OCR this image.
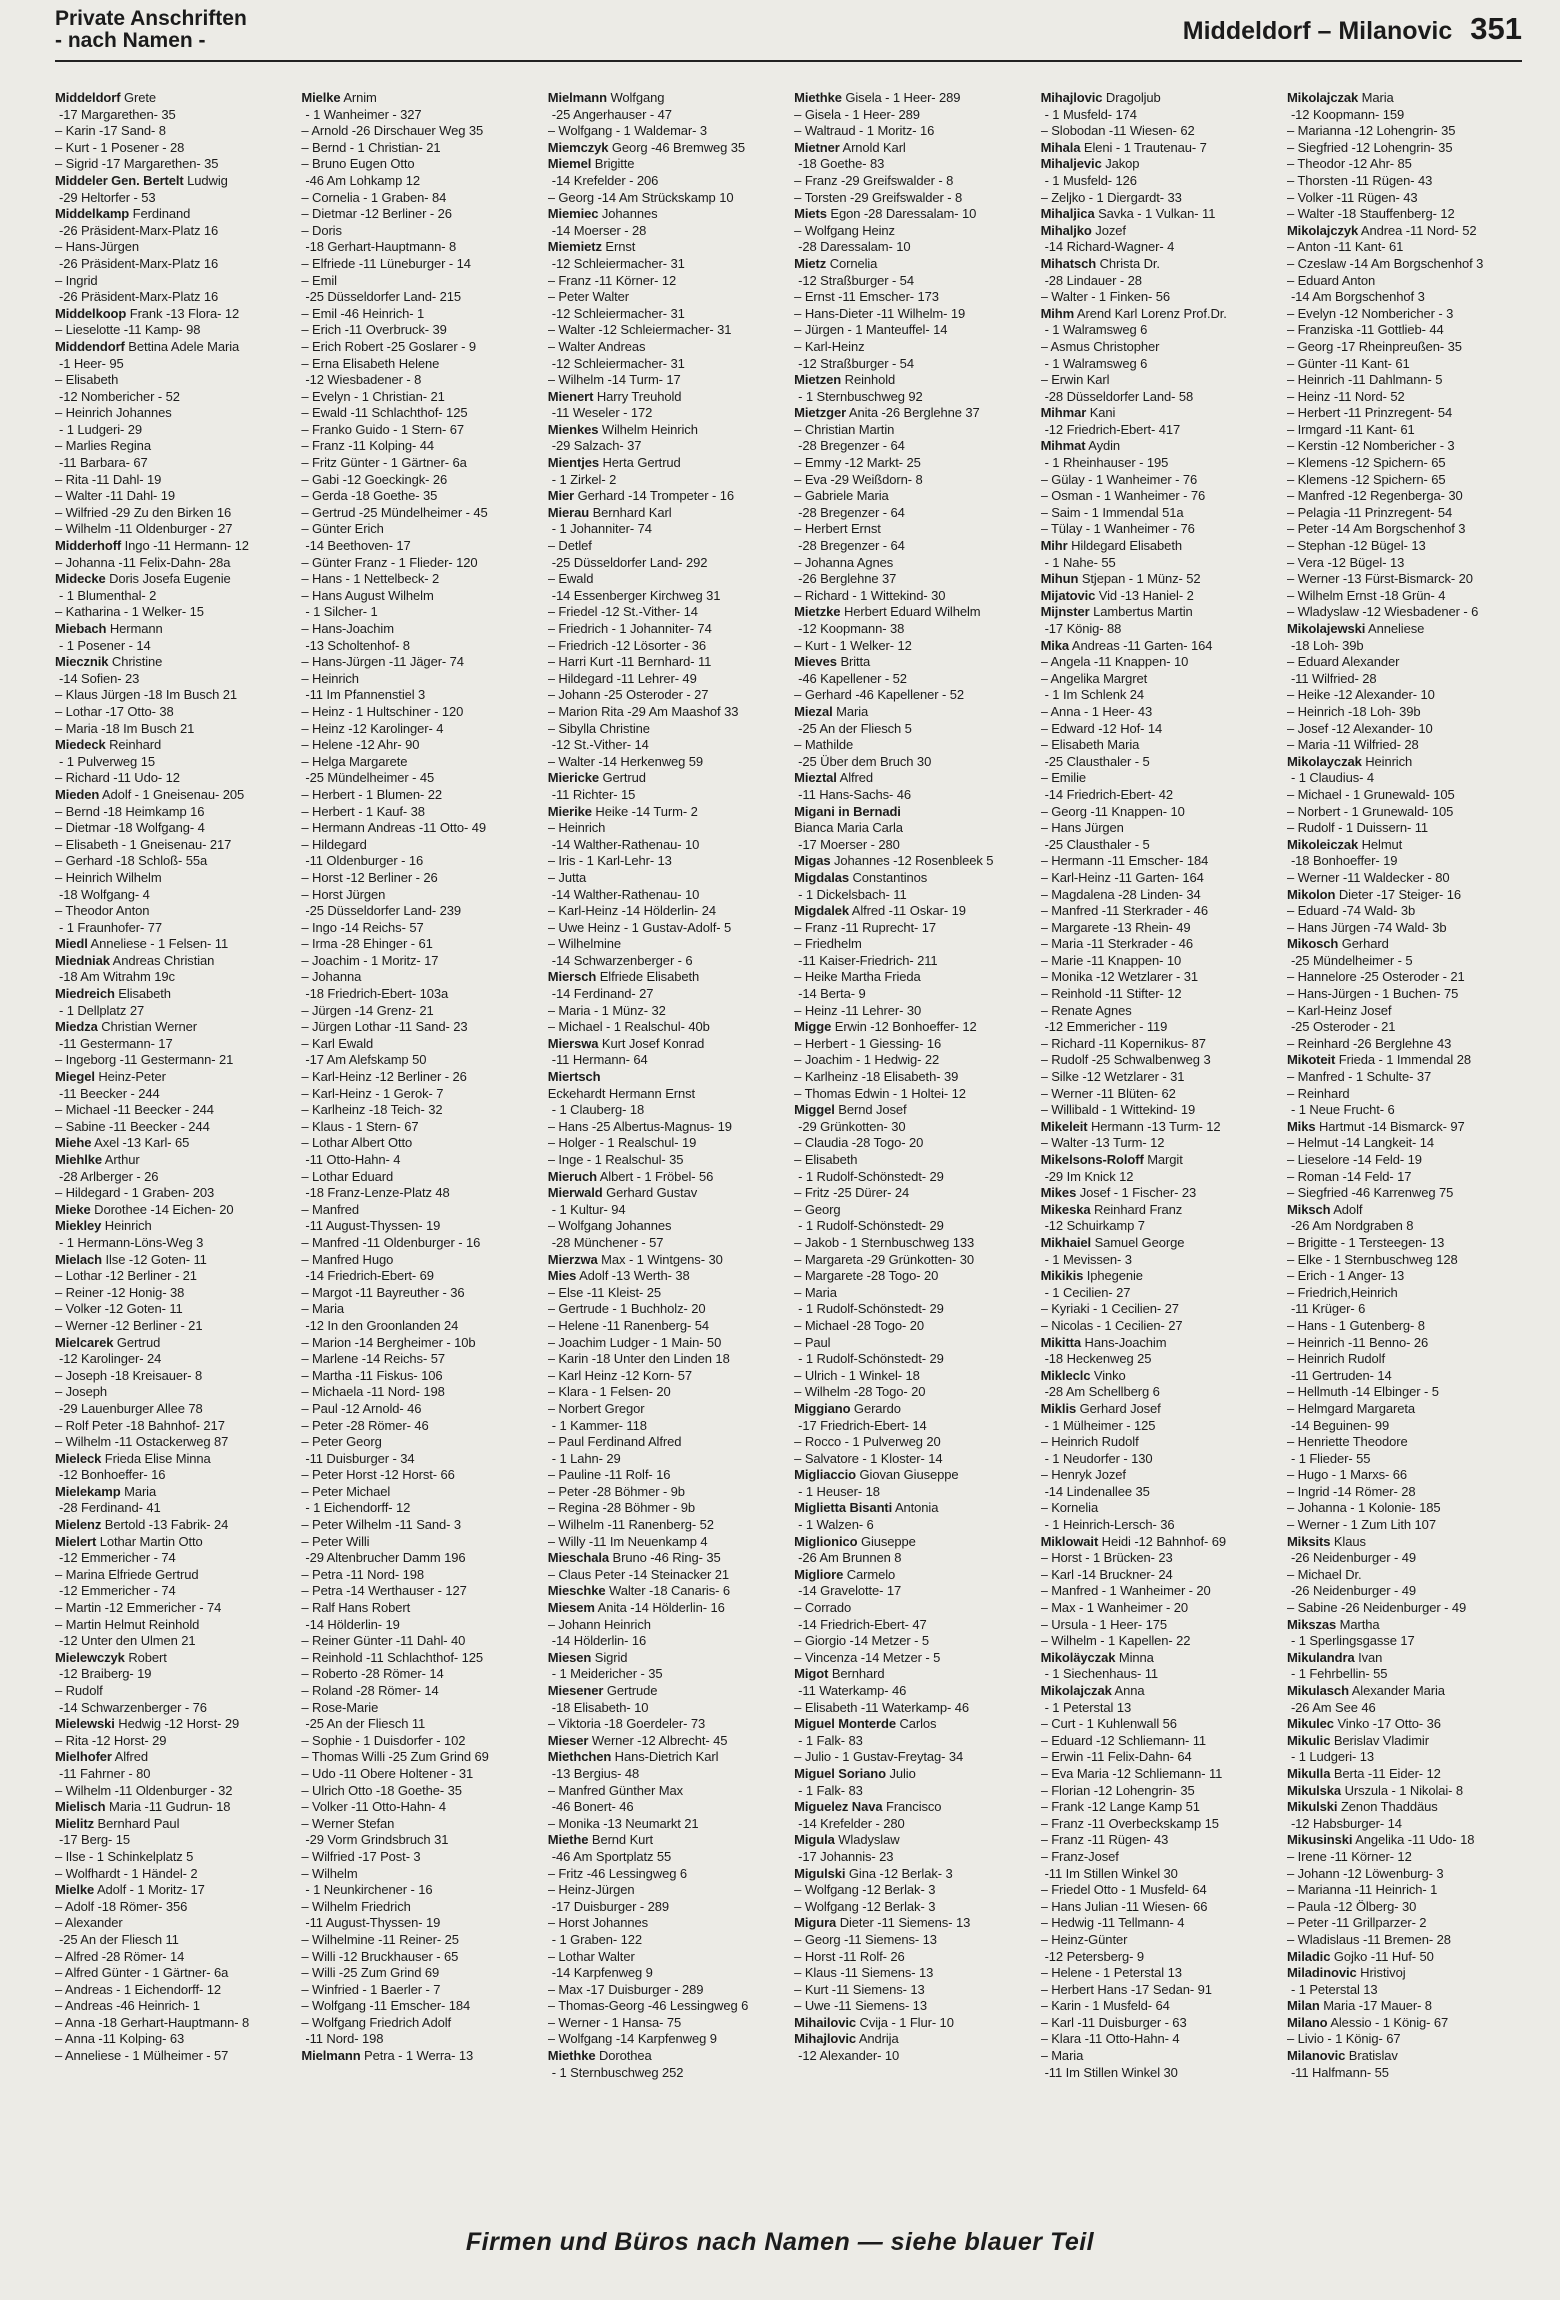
Private Anschriften
- nach Namen -	Middeldorf – Milanovic 351
Middeldorf Grete
-17 Margarethen- 35
– Karin -17 Sand- 8
– Kurt - 1 Posener - 28
– Sigrid -17 Margarethen- 35
Middeler Gen. Bertelt Ludwig
-29 Heltorfer - 53
Middelkamp Ferdinand
-26 Präsident-Marx-Platz 16
– Hans-Jürgen
-26 Präsident-Marx-Platz 16
– Ingrid
-26 Präsident-Marx-Platz 16
Middelkoop Frank -13 Flora- 12
– Lieselotte -11 Kamp- 98
Middendorf Bettina Adele Maria
-1 Heer- 95
– Elisabeth
-12 Nombericher - 52
– Heinrich Johannes
- 1 Ludgeri- 29
– Marlies Regina
-11 Barbara- 67
– Rita -11 Dahl- 19
– Walter -11 Dahl- 19
– Wilfried -29 Zu den Birken 16
– Wilhelm -11 Oldenburger - 27
Midderhoff Ingo -11 Hermann- 12
– Johanna -11 Felix-Dahn- 28a
Midecke Doris Josefa Eugenie
- 1 Blumenthal- 2
– Katharina - 1 Welker- 15
Miebach Hermann
- 1 Posener - 14
Miecznik Christine
-14 Sofien- 23
– Klaus Jürgen -18 Im Busch 21
– Lothar -17 Otto- 38
– Maria -18 Im Busch 21
Miedeck Reinhard
- 1 Pulverweg 15
– Richard -11 Udo- 12
Mieden Adolf - 1 Gneisenau- 205
– Bernd -18 Heimkamp 16
– Dietmar -18 Wolfgang- 4
– Elisabeth - 1 Gneisenau- 217
– Gerhard -18 Schloß- 55a
– Heinrich Wilhelm
-18 Wolfgang- 4
– Theodor Anton
- 1 Fraunhofer- 77
Miedl Anneliese - 1 Felsen- 11
Miedniak Andreas Christian
-18 Am Witrahm 19c
Miedreich Elisabeth
- 1 Dellplatz 27
Miedza Christian Werner
-11 Gestermann- 17
– Ingeborg -11 Gestermann- 21
Miegel Heinz-Peter
-11 Beecker - 244
– Michael -11 Beecker - 244
– Sabine -11 Beecker - 244
Miehe Axel -13 Karl- 65
Miehlke Arthur
-28 Arlberger - 26
– Hildegard - 1 Graben- 203
Mieke Dorothee -14 Eichen- 20
Miekley Heinrich
- 1 Hermann-Löns-Weg 3
Mielach Ilse -12 Goten- 11
– Lothar -12 Berliner - 21
– Reiner -12 Honig- 38
– Volker -12 Goten- 11
– Werner -12 Berliner - 21
Mielcarek Gertrud
-12 Karolinger- 24
– Joseph -18 Kreisauer- 8
– Joseph
-29 Lauenburger Allee 78
– Rolf Peter -18 Bahnhof- 217
– Wilhelm -11 Ostackerweg 87
Mieleck Frieda Elise Minna
-12 Bonhoeffer- 16
Mielekamp Maria
-28 Ferdinand- 41
Mielenz Bertold -13 Fabrik- 24
Mielert Lothar Martin Otto
-12 Emmericher - 74
– Marina Elfriede Gertrud
-12 Emmericher - 74
– Martin -12 Emmericher - 74
– Martin Helmut Reinhold
-12 Unter den Ulmen 21
Mielewczyk Robert
-12 Braiberg- 19
– Rudolf
-14 Schwarzenberger - 76
Mielewski Hedwig -12 Horst- 29
– Rita -12 Horst- 29
Mielhofer Alfred
-11 Fahrner - 80
– Wilhelm -11 Oldenburger - 32
Mielisch Maria -11 Gudrun- 18
Mielitz Bernhard Paul
-17 Berg- 15
– Ilse - 1 Schinkelplatz 5
– Wolfhardt - 1 Händel- 2
Mielke Adolf - 1 Moritz- 17
– Adolf -18 Römer- 356
– Alexander
-25 An der Fliesch 11
– Alfred -28 Römer- 14
– Alfred Günter - 1 Gärtner- 6a
– Andreas - 1 Eichendorff- 12
– Andreas -46 Heinrich- 1
– Anna -18 Gerhart-Hauptmann- 8
– Anna -11 Kolping- 63
– Anneliese - 1 Mülheimer - 57
Mielke Arnim
- 1 Wanheimer - 327
– Arnold -26 Dirschauer Weg 35
– Bernd - 1 Christian- 21
– Bruno Eugen Otto
-46 Am Lohkamp 12
– Cornelia - 1 Graben- 84
– Dietmar -12 Berliner - 26
– Doris
-18 Gerhart-Hauptmann- 8
– Elfriede -11 Lüneburger - 14
– Emil
-25 Düsseldorfer Land- 215
– Emil -46 Heinrich- 1
– Erich -11 Overbruck- 39
– Erich Robert -25 Goslarer - 9
– Erna Elisabeth Helene
-12 Wiesbadener - 8
– Evelyn - 1 Christian- 21
– Ewald -11 Schlachthof- 125
– Franko Guido - 1 Stern- 67
– Franz -11 Kolping- 44
– Fritz Günter - 1 Gärtner- 6a
– Gabi -12 Goeckingk- 26
– Gerda -18 Goethe- 35
– Gertrud -25 Mündelheimer - 45
– Günter Erich
-14 Beethoven- 17
– Günter Franz - 1 Flieder- 120
– Hans - 1 Nettelbeck- 2
– Hans August Wilhelm
- 1 Silcher- 1
– Hans-Joachim
-13 Scholtenhof- 8
– Hans-Jürgen -11 Jäger- 74
– Heinrich
-11 Im Pfannenstiel 3
– Heinz - 1 Hultschiner - 120
– Heinz -12 Karolinger- 4
– Helene -12 Ahr- 90
– Helga Margarete
-25 Mündelheimer - 45
– Herbert - 1 Blumen- 22
– Herbert - 1 Kauf- 38
– Hermann Andreas -11 Otto- 49
– Hildegard
-11 Oldenburger - 16
– Horst -12 Berliner - 26
– Horst Jürgen
-25 Düsseldorfer Land- 239
– Ingo -14 Reichs- 57
– Irma -28 Ehinger - 61
– Joachim - 1 Moritz- 17
– Johanna
-18 Friedrich-Ebert- 103a
– Jürgen -14 Grenz- 21
– Jürgen Lothar -11 Sand- 23
– Karl Ewald
-17 Am Alefskamp 50
– Karl-Heinz -12 Berliner - 26
– Karl-Heinz - 1 Gerok- 7
– Karlheinz -18 Teich- 32
– Klaus - 1 Stern- 67
– Lothar Albert Otto
-11 Otto-Hahn- 4
– Lothar Eduard
-18 Franz-Lenze-Platz 48
– Manfred
-11 August-Thyssen- 19
– Manfred -11 Oldenburger - 16
– Manfred Hugo
-14 Friedrich-Ebert- 69
– Margot -11 Bayreuther - 36
– Maria
-12 In den Groonlanden 24
– Marion -14 Bergheimer - 10b
– Marlene -14 Reichs- 57
– Martha -11 Fiskus- 106
– Michaela -11 Nord- 198
– Paul -12 Arnold- 46
– Peter -28 Römer- 46
– Peter Georg
-11 Duisburger - 34
– Peter Horst -12 Horst- 66
– Peter Michael
- 1 Eichendorff- 12
– Peter Wilhelm -11 Sand- 3
– Peter Willi
-29 Altenbrucher Damm 196
– Petra -11 Nord- 198
– Petra -14 Werthauser - 127
– Ralf Hans Robert
-14 Hölderlin- 19
– Reiner Günter -11 Dahl- 40
– Reinhold -11 Schlachthof- 125
– Roberto -28 Römer- 14
– Roland -28 Römer- 14
– Rose-Marie
-25 An der Fliesch 11
– Sophie - 1 Duisdorfer - 102
– Thomas Willi -25 Zum Grind 69
– Udo -11 Obere Holtener - 31
– Ulrich Otto -18 Goethe- 35
– Volker -11 Otto-Hahn- 4
– Werner Stefan
-29 Vorm Grindsbruch 31
– Wilfried -17 Post- 3
– Wilhelm
- 1 Neunkirchener - 16
– Wilhelm Friedrich
-11 August-Thyssen- 19
– Wilhelmine -11 Reiner- 25
– Willi -12 Bruckhauser - 65
– Willi -25 Zum Grind 69
– Winfried - 1 Baerler - 7
– Wolfgang -11 Emscher- 184
– Wolfgang Friedrich Adolf
-11 Nord- 198
Mielmann Petra - 1 Werra- 13
Mielmann Wolfgang
-25 Angerhauser - 47
– Wolfgang - 1 Waldemar- 3
Miemczyk Georg -46 Bremweg 35
Miemel Brigitte
-14 Krefelder - 206
– Georg -14 Am Strückskamp 10
Miemiec Johannes
-14 Moerser - 28
Miemietz Ernst
-12 Schleiermacher- 31
– Franz -11 Körner- 12
– Peter Walter
-12 Schleiermacher- 31
– Walter -12 Schleiermacher- 31
– Walter Andreas
-12 Schleiermacher- 31
– Wilhelm -14 Turm- 17
Mienert Harry Treuhold
-11 Weseler - 172
Mienkes Wilhelm Heinrich
-29 Salzach- 37
Mientjes Herta Gertrud
- 1 Zirkel- 2
Mier Gerhard -14 Trompeter - 16
Mierau Bernhard Karl
- 1 Johanniter- 74
– Detlef
-25 Düsseldorfer Land- 292
– Ewald
-14 Essenberger Kirchweg 31
– Friedel -12 St.-Vither- 14
– Friedrich - 1 Johanniter- 74
– Friedrich -12 Lösorter - 36
– Harri Kurt -11 Bernhard- 11
– Hildegard -11 Lehrer- 49
– Johann -25 Osteroder - 27
– Marion Rita -29 Am Maashof 33
– Sibylla Christine
-12 St.-Vither- 14
– Walter -14 Herkenweg 59
Miericke Gertrud
-11 Richter- 15
Mierike Heike -14 Turm- 2
– Heinrich
-14 Walther-Rathenau- 10
– Iris - 1 Karl-Lehr- 13
– Jutta
-14 Walther-Rathenau- 10
– Karl-Heinz -14 Hölderlin- 24
– Uwe Heinz - 1 Gustav-Adolf- 5
– Wilhelmine
-14 Schwarzenberger - 6
Miersch Elfriede Elisabeth
-14 Ferdinand- 27
– Maria - 1 Münz- 32
– Michael - 1 Realschul- 40b
Mierswa Kurt Josef Konrad
-11 Hermann- 64
Miertsch
Eckehardt Hermann Ernst
- 1 Clauberg- 18
– Hans -25 Albertus-Magnus- 19
– Holger - 1 Realschul- 19
– Inge - 1 Realschul- 35
Mieruch Albert - 1 Fröbel- 56
Mierwald Gerhard Gustav
- 1 Kultur- 94
– Wolfgang Johannes
-28 Münchener - 57
Mierzwa Max - 1 Wintgens- 30
Mies Adolf -13 Werth- 38
– Else -11 Kleist- 25
– Gertrude - 1 Buchholz- 20
– Helene -11 Ranenberg- 54
– Joachim Ludger - 1 Main- 50
– Karin -18 Unter den Linden 18
– Karl Heinz -12 Korn- 57
– Klara - 1 Felsen- 20
– Norbert Gregor
- 1 Kammer- 118
– Paul Ferdinand Alfred
- 1 Lahn- 29
– Pauline -11 Rolf- 16
– Peter -28 Böhmer - 9b
– Regina -28 Böhmer - 9b
– Wilhelm -11 Ranenberg- 52
– Willy -11 Im Neuenkamp 4
Mieschala Bruno -46 Ring- 35
– Claus Peter -14 Steinacker 21
Mieschke Walter -18 Canaris- 6
Miesem Anita -14 Hölderlin- 16
– Johann Heinrich
-14 Hölderlin- 16
Miesen Sigrid
- 1 Meidericher - 35
Miesener Gertrude
-18 Elisabeth- 10
– Viktoria -18 Goerdeler- 73
Mieser Werner -12 Albrecht- 45
Miethchen Hans-Dietrich Karl
-13 Bergius- 48
– Manfred Günther Max
-46 Bonert- 46
– Monika -13 Neumarkt 21
Miethe Bernd Kurt
-46 Am Sportplatz 55
– Fritz -46 Lessingweg 6
– Heinz-Jürgen
-17 Duisburger - 289
– Horst Johannes
- 1 Graben- 122
– Lothar Walter
-14 Karpfenweg 9
– Max -17 Duisburger - 289
– Thomas-Georg -46 Lessingweg 6
– Werner - 1 Hansa- 75
– Wolfgang -14 Karpfenweg 9
Miethke Dorothea
- 1 Sternbuschweg 252
Miethke Gisela - 1 Heer- 289
– Gisela - 1 Heer- 289
– Waltraud - 1 Moritz- 16
Mietner Arnold Karl
-18 Goethe- 83
– Franz -29 Greifswalder - 8
– Torsten -29 Greifswalder - 8
Miets Egon -28 Daressalam- 10
– Wolfgang Heinz
-28 Daressalam- 10
Mietz Cornelia
-12 Straßburger - 54
– Ernst -11 Emscher- 173
– Hans-Dieter -11 Wilhelm- 19
– Jürgen - 1 Manteuffel- 14
– Karl-Heinz
-12 Straßburger - 54
Mietzen Reinhold
- 1 Sternbuschweg 92
Mietzger Anita -26 Berglehne 37
– Christian Martin
-28 Bregenzer - 64
– Emmy -12 Markt- 25
– Eva -29 Weißdorn- 8
– Gabriele Maria
-28 Bregenzer - 64
– Herbert Ernst
-28 Bregenzer - 64
– Johanna Agnes
-26 Berglehne 37
– Richard - 1 Wittekind- 30
Mietzke Herbert Eduard Wilhelm
-12 Koopmann- 38
– Kurt - 1 Welker- 12
Mieves Britta
-46 Kapellener - 52
– Gerhard -46 Kapellener - 52
Miezal Maria
-25 An der Fliesch 5
– Mathilde
-25 Über dem Bruch 30
Mieztal Alfred
-11 Hans-Sachs- 46
Migani in Bernadi
Bianca Maria Carla
-17 Moerser - 280
Migas Johannes -12 Rosenbleek 5
Migdalas Constantinos
- 1 Dickelsbach- 11
Migdalek Alfred -11 Oskar- 19
– Franz -11 Ruprecht- 17
– Friedhelm
-11 Kaiser-Friedrich- 211
– Heike Martha Frieda
-14 Berta- 9
– Heinz -11 Lehrer- 30
Migge Erwin -12 Bonhoeffer- 12
– Herbert - 1 Giessing- 16
– Joachim - 1 Hedwig- 22
– Karlheinz -18 Elisabeth- 39
– Thomas Edwin - 1 Holtei- 12
Miggel Bernd Josef
-29 Grünkotten- 30
– Claudia -28 Togo- 20
– Elisabeth
- 1 Rudolf-Schönstedt- 29
– Fritz -25 Dürer- 24
– Georg
- 1 Rudolf-Schönstedt- 29
– Jakob - 1 Sternbuschweg 133
– Margareta -29 Grünkotten- 30
– Margarete -28 Togo- 20
– Maria
- 1 Rudolf-Schönstedt- 29
– Michael -28 Togo- 20
– Paul
- 1 Rudolf-Schönstedt- 29
– Ulrich - 1 Winkel- 18
– Wilhelm -28 Togo- 20
Miggiano Gerardo
-17 Friedrich-Ebert- 14
– Rocco - 1 Pulverweg 20
– Salvatore - 1 Kloster- 14
Migliaccio Giovan Giuseppe
- 1 Heuser- 18
Miglietta Bisanti Antonia
- 1 Walzen- 6
Miglionico Giuseppe
-26 Am Brunnen 8
Migliore Carmelo
-14 Gravelotte- 17
– Corrado
-14 Friedrich-Ebert- 47
– Giorgio -14 Metzer - 5
– Vincenza -14 Metzer - 5
Migot Bernhard
-11 Waterkamp- 46
– Elisabeth -11 Waterkamp- 46
Miguel Monterde Carlos
- 1 Falk- 83
– Julio - 1 Gustav-Freytag- 34
Miguel Soriano Julio
- 1 Falk- 83
Miguelez Nava Francisco
-14 Krefelder - 280
Migula Wladyslaw
-17 Johannis- 23
Migulski Gina -12 Berlak- 3
– Wolfgang -12 Berlak- 3
– Wolfgang -12 Berlak- 3
Migura Dieter -11 Siemens- 13
– Georg -11 Siemens- 13
– Horst -11 Rolf- 26
– Klaus -11 Siemens- 13
– Kurt -11 Siemens- 13
– Uwe -11 Siemens- 13
Mihailovic Cvija - 1 Flur- 10
Mihajlovic Andrija
-12 Alexander- 10
Mihajlovic Dragoljub
- 1 Musfeld- 174
– Slobodan -11 Wiesen- 62
Mihala Eleni - 1 Trautenau- 7
Mihaljevic Jakop
- 1 Musfeld- 126
– Zeljko - 1 Diergardt- 33
Mihaljica Savka - 1 Vulkan- 11
Mihaljko Jozef
-14 Richard-Wagner- 4
Mihatsch Christa Dr.
-28 Lindauer - 28
– Walter - 1 Finken- 56
Mihm Arend Karl Lorenz Prof.Dr.
- 1 Walramsweg 6
– Asmus Christopher
- 1 Walramsweg 6
– Erwin Karl
-28 Düsseldorfer Land- 58
Mihmar Kani
-12 Friedrich-Ebert- 417
Mihmat Aydin
- 1 Rheinhauser - 195
– Gülay - 1 Wanheimer - 76
– Osman - 1 Wanheimer - 76
– Saim - 1 Immendal 51a
– Tülay - 1 Wanheimer - 76
Mihr Hildegard Elisabeth
- 1 Nahe- 55
Mihun Stjepan - 1 Münz- 52
Mijatovic Vid -13 Haniel- 2
Mijnster Lambertus Martin
-17 König- 88
Mika Andreas -11 Garten- 164
– Angela -11 Knappen- 10
– Angelika Margret
- 1 Im Schlenk 24
– Anna - 1 Heer- 43
– Edward -12 Hof- 14
– Elisabeth Maria
-25 Clausthaler - 5
– Emilie
-14 Friedrich-Ebert- 42
– Georg -11 Knappen- 10
– Hans Jürgen
-25 Clausthaler - 5
– Hermann -11 Emscher- 184
– Karl-Heinz -11 Garten- 164
– Magdalena -28 Linden- 34
– Manfred -11 Sterkrader - 46
– Margarete -13 Rhein- 49
– Maria -11 Sterkrader - 46
– Marie -11 Knappen- 10
– Monika -12 Wetzlarer - 31
– Reinhold -11 Stifter- 12
– Renate Agnes
-12 Emmericher - 119
– Richard -11 Kopernikus- 87
– Rudolf -25 Schwalbenweg 3
– Silke -12 Wetzlarer - 31
– Werner -11 Blüten- 62
– Willibald - 1 Wittekind- 19
Mikeleit Hermann -13 Turm- 12
– Walter -13 Turm- 12
Mikelsons-Roloff Margit
-29 Im Knick 12
Mikes Josef - 1 Fischer- 23
Mikeska Reinhard Franz
-12 Schuirkamp 7
Mikhaiel Samuel George
- 1 Mevissen- 3
Mikikis Iphegenie
- 1 Cecilien- 27
– Kyriaki - 1 Cecilien- 27
– Nicolas - 1 Cecilien- 27
Mikitta Hans-Joachim
-18 Heckenweg 25
Mikleclc Vinko
-28 Am Schellberg 6
Miklis Gerhard Josef
- 1 Mülheimer - 125
– Heinrich Rudolf
- 1 Neudorfer - 130
– Henryk Jozef
-14 Lindenallee 35
– Kornelia
- 1 Heinrich-Lersch- 36
Miklowait Heidi -12 Bahnhof- 69
– Horst - 1 Brücken- 23
– Karl -14 Bruckner- 24
– Manfred - 1 Wanheimer - 20
– Max - 1 Wanheimer - 20
– Ursula - 1 Heer- 175
– Wilhelm - 1 Kapellen- 22
Mikoläyczak Minna
- 1 Siechenhaus- 11
Mikolajczak Anna
- 1 Peterstal 13
– Curt - 1 Kuhlenwall 56
– Eduard -12 Schliemann- 11
– Erwin -11 Felix-Dahn- 64
– Eva Maria -12 Schliemann- 11
– Florian -12 Lohengrin- 35
– Frank -12 Lange Kamp 51
– Franz -11 Overbeckskamp 15
– Franz -11 Rügen- 43
– Franz-Josef
-11 Im Stillen Winkel 30
– Friedel Otto - 1 Musfeld- 64
– Hans Julian -11 Wiesen- 66
– Hedwig -11 Tellmann- 4
– Heinz-Günter
-12 Petersberg- 9
– Helene - 1 Peterstal 13
– Herbert Hans -17 Sedan- 91
– Karin - 1 Musfeld- 64
– Karl -11 Duisburger - 63
– Klara -11 Otto-Hahn- 4
– Maria
-11 Im Stillen Winkel 30
Mikolajczak Maria
-12 Koopmann- 159
– Marianna -12 Lohengrin- 35
– Siegfried -12 Lohengrin- 35
– Theodor -12 Ahr- 85
– Thorsten -11 Rügen- 43
– Volker -11 Rügen- 43
– Walter -18 Stauffenberg- 12
Mikolajczyk Andrea -11 Nord- 52
– Anton -11 Kant- 61
– Czeslaw -14 Am Borgschenhof 3
– Eduard Anton
-14 Am Borgschenhof 3
– Evelyn -12 Nombericher - 3
– Franziska -11 Gottlieb- 44
– Georg -17 Rheinpreußen- 35
– Günter -11 Kant- 61
– Heinrich -11 Dahlmann- 5
– Heinz -11 Nord- 52
– Herbert -11 Prinzregent- 54
– Irmgard -11 Kant- 61
– Kerstin -12 Nombericher - 3
– Klemens -12 Spichern- 65
– Klemens -12 Spichern- 65
– Manfred -12 Regenberga- 30
– Pelagia -11 Prinzregent- 54
– Peter -14 Am Borgschenhof 3
– Stephan -12 Bügel- 13
– Vera -12 Bügel- 13
– Werner -13 Fürst-Bismarck- 20
– Wilhelm Ernst -18 Grün- 4
– Wladyslaw -12 Wiesbadener - 6
Mikolajewski Anneliese
-18 Loh- 39b
– Eduard Alexander
-11 Wilfried- 28
– Heike -12 Alexander- 10
– Heinrich -18 Loh- 39b
– Josef -12 Alexander- 10
– Maria -11 Wilfried- 28
Mikolayczak Heinrich
- 1 Claudius- 4
– Michael - 1 Grunewald- 105
– Norbert - 1 Grunewald- 105
– Rudolf - 1 Duissern- 11
Mikoleiczak Helmut
-18 Bonhoeffer- 19
– Werner -11 Waldecker - 80
Mikolon Dieter -17 Steiger- 16
– Eduard -74 Wald- 3b
– Hans Jürgen -74 Wald- 3b
Mikosch Gerhard
-25 Mündelheimer - 5
– Hannelore -25 Osteroder - 21
– Hans-Jürgen - 1 Buchen- 75
– Karl-Heinz Josef
-25 Osteroder - 21
– Reinhard -26 Berglehne 43
Mikoteit Frieda - 1 Immendal 28
– Manfred - 1 Schulte- 37
– Reinhard
- 1 Neue Frucht- 6
Miks Hartmut -14 Bismarck- 97
– Helmut -14 Langkeit- 14
– Lieselore -14 Feld- 19
– Roman -14 Feld- 17
– Siegfried -46 Karrenweg 75
Miksch Adolf
-26 Am Nordgraben 8
– Brigitte - 1 Tersteegen- 13
– Elke - 1 Sternbuschweg 128
– Erich - 1 Anger- 13
– Friedrich,Heinrich
-11 Krüger- 6
– Hans - 1 Gutenberg- 8
– Heinrich -11 Benno- 26
– Heinrich Rudolf
-11 Gertruden- 14
– Hellmuth -14 Elbinger - 5
– Helmgard Margareta
-14 Beguinen- 99
– Henriette Theodore
- 1 Flieder- 55
– Hugo - 1 Marxs- 66
– Ingrid -14 Römer- 28
– Johanna - 1 Kolonie- 185
– Werner - 1 Zum Lith 107
Miksits Klaus
-26 Neidenburger - 49
– Michael Dr.
-26 Neidenburger - 49
– Sabine -26 Neidenburger - 49
Mikszas Martha
- 1 Sperlingsgasse 17
Mikulandra Ivan
- 1 Fehrbellin- 55
Mikulasch Alexander Maria
-26 Am See 46
Mikulec Vinko -17 Otto- 36
Mikulic Berislav Vladimir
- 1 Ludgeri- 13
Mikulla Berta -11 Eider- 12
Mikulska Urszula - 1 Nikolai- 8
Mikulski Zenon Thaddäus
-12 Habsburger- 14
Mikusinski Angelika -11 Udo- 18
– Irene -11 Körner- 12
– Johann -12 Löwenburg- 3
– Marianna -11 Heinrich- 1
– Paula -12 Ölberg- 30
– Peter -11 Grillparzer- 2
– Wladislaus -11 Bremen- 28
Miladic Gojko -11 Huf- 50
Miladinovic Hristivoj
- 1 Peterstal 13
Milan Maria -17 Mauer- 8
Milano Alessio - 1 König- 67
– Livio - 1 König- 67
Milanovic Bratislav
-11 Halfmann- 55
Firmen und Büros nach Namen — siehe blauer Teil
